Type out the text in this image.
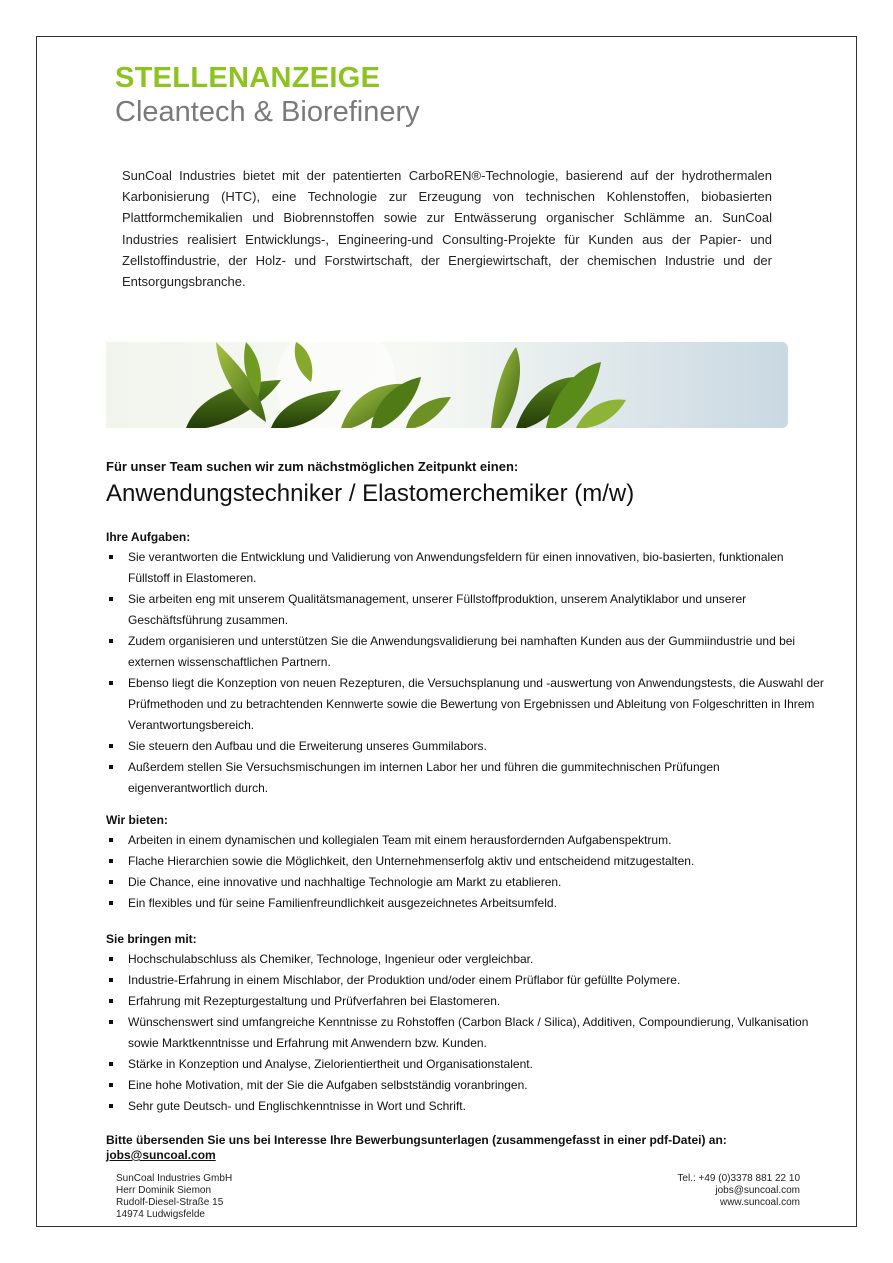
STELLENANZEIGE
Cleantech & Biorefinery
SunCoal Industries bietet mit der patentierten CarboREN®-Technologie, basierend auf der hydrothermalen Karbonisierung (HTC), eine Technologie zur Erzeugung von technischen Kohlenstoffen, biobasierten Plattformchemikalien und Biobrennstoffen sowie zur Entwässerung organischer Schlämme an. SunCoal Industries realisiert Entwicklungs-, Engineering-und Consulting-Projekte für Kunden aus der Papier- und Zellstoffindustrie, der Holz- und Forstwirtschaft, der Energiewirtschaft, der chemischen Industrie und der Entsorgungsbranche.
Für unser Team suchen wir zum nächstmöglichen Zeitpunkt einen:
Anwendungstechniker / Elastomerchemiker (m/w)
Ihre Aufgaben:
Sie verantworten die Entwicklung und Validierung von Anwendungsfeldern für einen innovativen, bio-basierten, funktionalen Füllstoff in Elastomeren.
Sie arbeiten eng mit unserem Qualitätsmanagement, unserer Füllstoffproduktion, unserem Analytiklabor und unserer Geschäftsführung zusammen.
Zudem organisieren und unterstützen Sie die Anwendungsvalidierung bei namhaften Kunden aus der Gummiindustrie und bei externen wissenschaftlichen Partnern.
Ebenso liegt die Konzeption von neuen Rezepturen, die Versuchsplanung und -auswertung von Anwendungstests, die Auswahl der Prüfmethoden und zu betrachtenden Kennwerte sowie die Bewertung von Ergebnissen und Ableitung von Folgeschritten in Ihrem Verantwortungsbereich.
Sie steuern den Aufbau und die Erweiterung unseres Gummilabors.
Außerdem stellen Sie Versuchsmischungen im internen Labor her und führen die gummitechnischen Prüfungen eigenverantwortlich durch.
Wir bieten:
Arbeiten in einem dynamischen und kollegialen Team mit einem herausfordernden Aufgabenspektrum.
Flache Hierarchien sowie die Möglichkeit, den Unternehmenserfolg aktiv und entscheidend mitzugestalten.
Die Chance, eine innovative und nachhaltige Technologie am Markt zu etablieren.
Ein flexibles und für seine Familienfreundlichkeit ausgezeichnetes Arbeitsumfeld.
Sie bringen mit:
Hochschulabschluss als Chemiker, Technologe, Ingenieur oder vergleichbar.
Industrie-Erfahrung in einem Mischlabor, der Produktion und/oder einem Prüflabor für gefüllte Polymere.
Erfahrung mit Rezepturgestaltung und Prüfverfahren bei Elastomeren.
Wünschenswert sind umfangreiche Kenntnisse zu Rohstoffen (Carbon Black / Silica), Additiven, Compoundierung, Vulkanisation sowie Marktkenntnisse und Erfahrung mit Anwendern bzw. Kunden.
Stärke in Konzeption und Analyse, Zielorientiertheit und Organisationstalent.
Eine hohe Motivation, mit der Sie die Aufgaben selbstständig voranbringen.
Sehr gute Deutsch- und Englischkenntnisse in Wort und Schrift.
Bitte übersenden Sie uns bei Interesse Ihre Bewerbungsunterlagen (zusammengefasst in einer pdf-Datei) an:
jobs@suncoal.com
SunCoal Industries GmbH
Herr Dominik Siemon
Rudolf-Diesel-Straße 15
14974 Ludwigsfelde
Tel.: +49 (0)3378 881 22 10
jobs@suncoal.com
www.suncoal.com
